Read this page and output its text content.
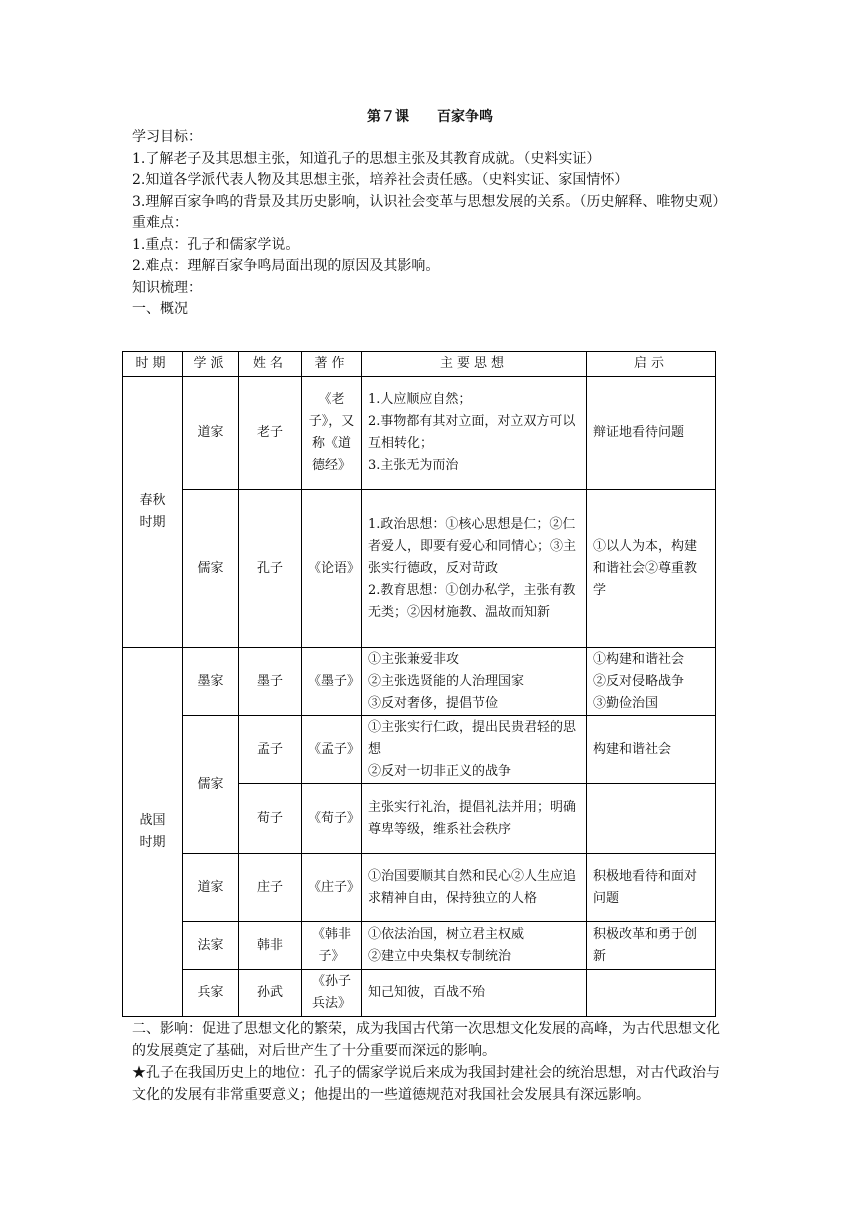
第７课 百家争鸣

学习目标：

1.了解老子及其思想主张，知道孔子的思想主张及其教育成就。（史料实证）

2.知道各学派代表人物及其思想主张，培养社会责任感。（史料实证、家国情怀）

3.理解百家争鸣的背景及其历史影响，认识社会变革与思想发展的关系。（历史解释、唯物史观）

重难点：

1.重点：孔子和儒家学说。

2.难点：理解百家争鸣局面出现的原因及其影响。

知识梳理：

一、概况

时期	学派	姓名	著作	主要思想	启示
春秋时期	道家	老子	《老子》，又称《道德经》	1.人应顺应自然；
2.事物都有其对立面，对立双方可以互相转化；
3.主张无为而治	辩证地看待问题
	儒家	孔子	《论语》	1.政治思想：①核心思想是仁；②仁者爱人，即要有爱心和同情心；③主张实行德政，反对苛政
2.教育思想：①创办私学，主张有教无类；②因材施教、温故而知新	①以人为本，构建和谐社会②尊重教学
战国时期	墨家	墨子	《墨子》	①主张兼爱非攻
②主张选贤能的人治理国家
③反对奢侈，提倡节俭	①构建和谐社会
②反对侵略战争
③勤俭治国
	儒家	孟子	《孟子》	①主张实行仁政，提出民贵君轻的思想
②反对一切非正义的战争	构建和谐社会
		荀子	《荀子》	主张实行礼治，提倡礼法并用；明确尊卑等级，维系社会秩序	
	道家	庄子	《庄子》	①治国要顺其自然和民心②人生应追求精神自由，保持独立的人格	积极地看待和面对问题
	法家	韩非	《韩非子》	①依法治国，树立君主权威
②建立中央集权专制统治	积极改革和勇于创新
	兵家	孙武	《孙子兵法》	知己知彼，百战不殆	

二、影响：促进了思想文化的繁荣，成为我国古代第一次思想文化发展的高峰，为古代思想文化的发展奠定了基础，对后世产生了十分重要而深远的影响。

★孔子在我国历史上的地位：孔子的儒家学说后来成为我国封建社会的统治思想，对古代政治与文化的发展有非常重要意义；他提出的一些道德规范对我国社会发展具有深远影响。
